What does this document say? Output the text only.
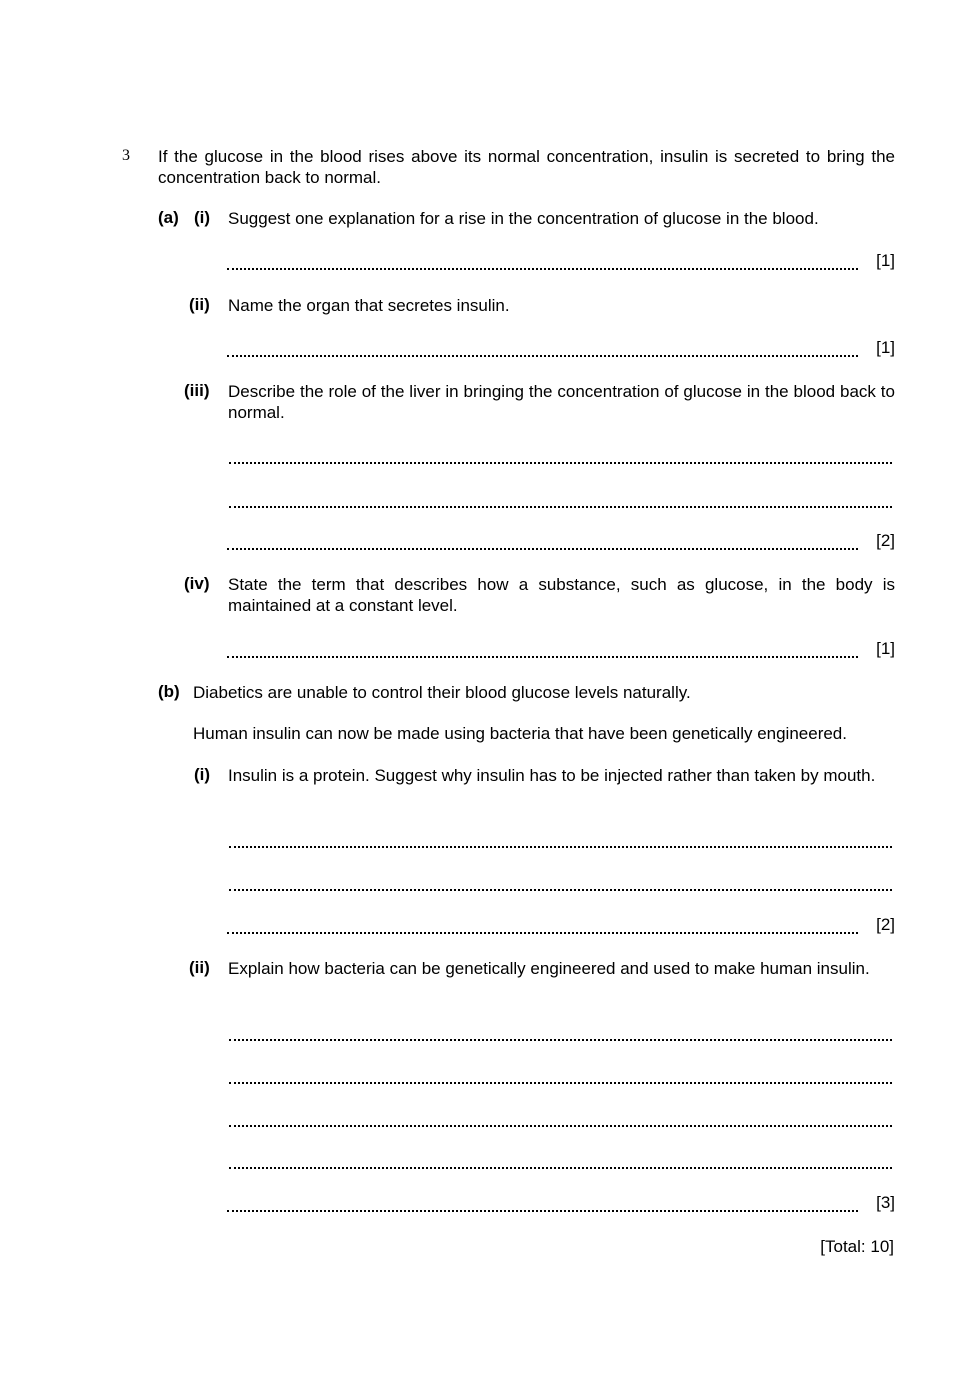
3 If the glucose in the blood rises above its normal concentration, insulin is secreted to bring the concentration back to normal.
(a) (i) Suggest one explanation for a rise in the concentration of glucose in the blood.
[1]
(ii) Name the organ that secretes insulin.
[1]
(iii) Describe the role of the liver in bringing the concentration of glucose in the blood back to normal.
[2]
(iv) State the term that describes how a substance, such as glucose, in the body is maintained at a constant level.
[1]
(b) Diabetics are unable to control their blood glucose levels naturally.
Human insulin can now be made using bacteria that have been genetically engineered.
(i) Insulin is a protein. Suggest why insulin has to be injected rather than taken by mouth.
[2]
(ii) Explain how bacteria can be genetically engineered and used to make human insulin.
[3]
[Total: 10]
